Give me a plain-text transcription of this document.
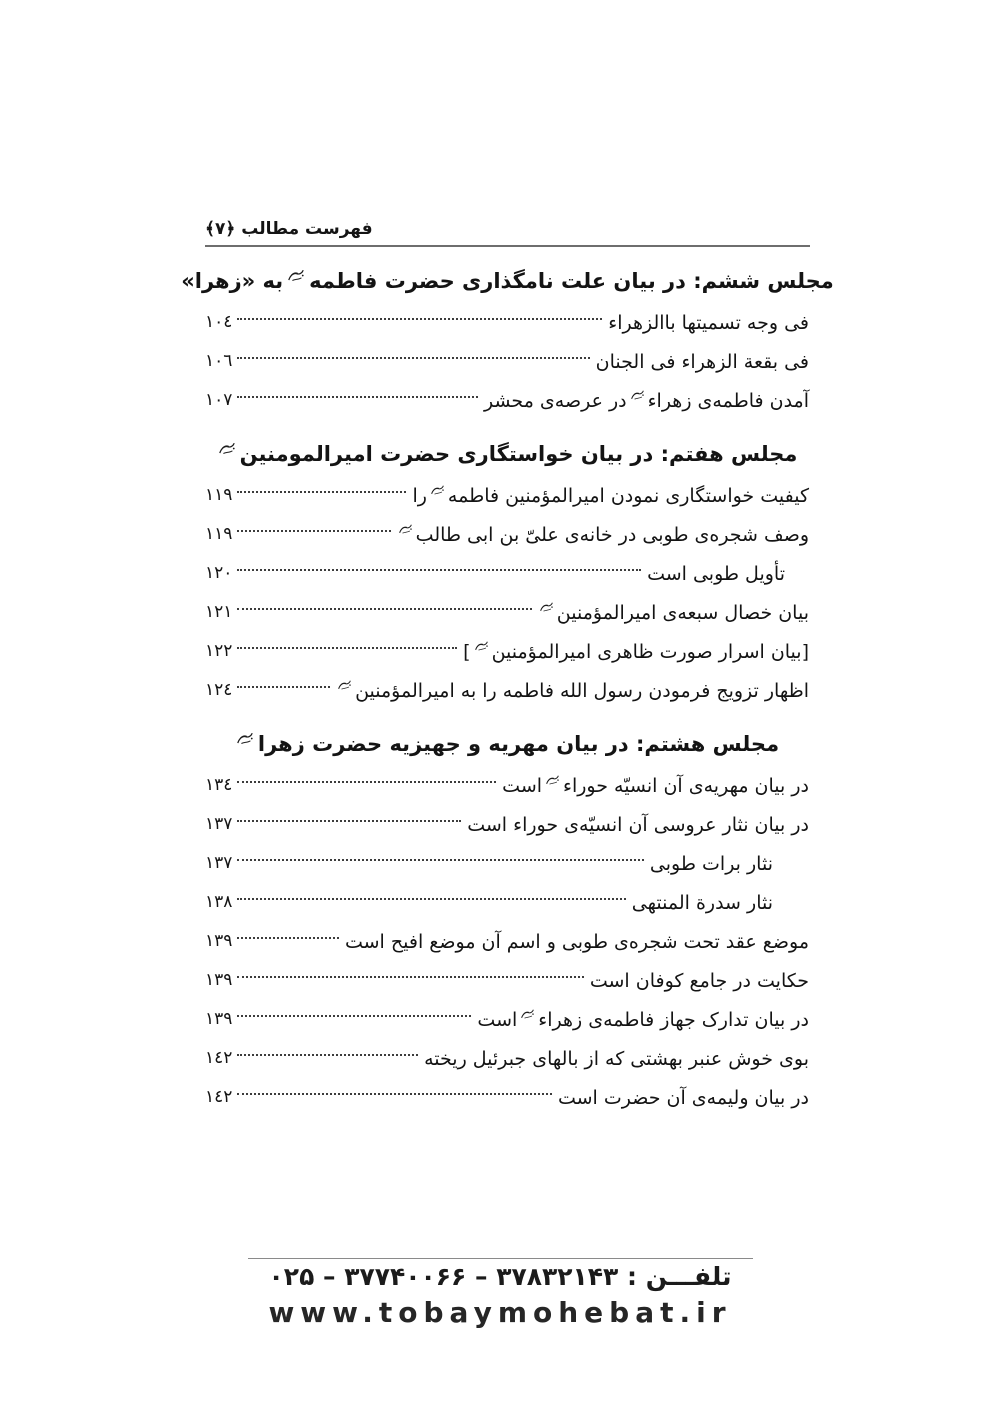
فهرست مطالب ﴿٧﴾
مجلس ششم: در بیان علت نامگذاری حضرت فاطمه
به «زهرا»
فی وجه تسمیتها باالزهراء
١٠٤
فی بقعة الزهراء فی الجنان
١٠٦
آمدن فاطمه‌ی زهراء
در عرصه‌ی محشر
١٠٧
مجلس هفتم: در بیان خواستگاری حضرت امیرالمومنین
کیفیت خواستگاری نمودن امیرالمؤمنین فاطمه
را
١١٩
وصف شجره‌ی طوبی در خانه‌ی علیّ بن ابی طالب
١١٩
تأویل طوبی است
١٢٠
بیان خصال سبعه‌ی امیرالمؤمنین
١٢١
[بیان اسرار صورت ظاهری امیرالمؤمنین
]
١٢٢
اظهار تزویج فرمودن رسول الله فاطمه را به امیرالمؤمنین
١٢٤
مجلس هشتم: در بیان مهریه و جهیزیه حضرت زهرا
در بیان مهریه‌ی آن انسیّه حوراء
است
١٣٤
در بیان نثار عروسی آن انسیّه‌ی حوراء است
١٣٧
نثار برات طوبی
١٣٧
نثار سدرة المنتهی
١٣٨
موضع عقد تحت شجره‌ی طوبی و اسم آن موضع افیح است
١٣٩
حکایت در جامع کوفان است
١٣٩
در بیان تدارک جهاز فاطمه‌ی زهراء
است
١٣٩
بوی خوش عنبر بهشتی که از بالهای جبرئیل ریخته
١٤٢
در بیان ولیمه‌ی آن حضرت است
١٤٢
تلفـــن : ۳۷۸۳۲۱۴۳ – ۳۷۷۴۰۰۶۶ – ۰۲۵
www.tobaymohebat.ir
